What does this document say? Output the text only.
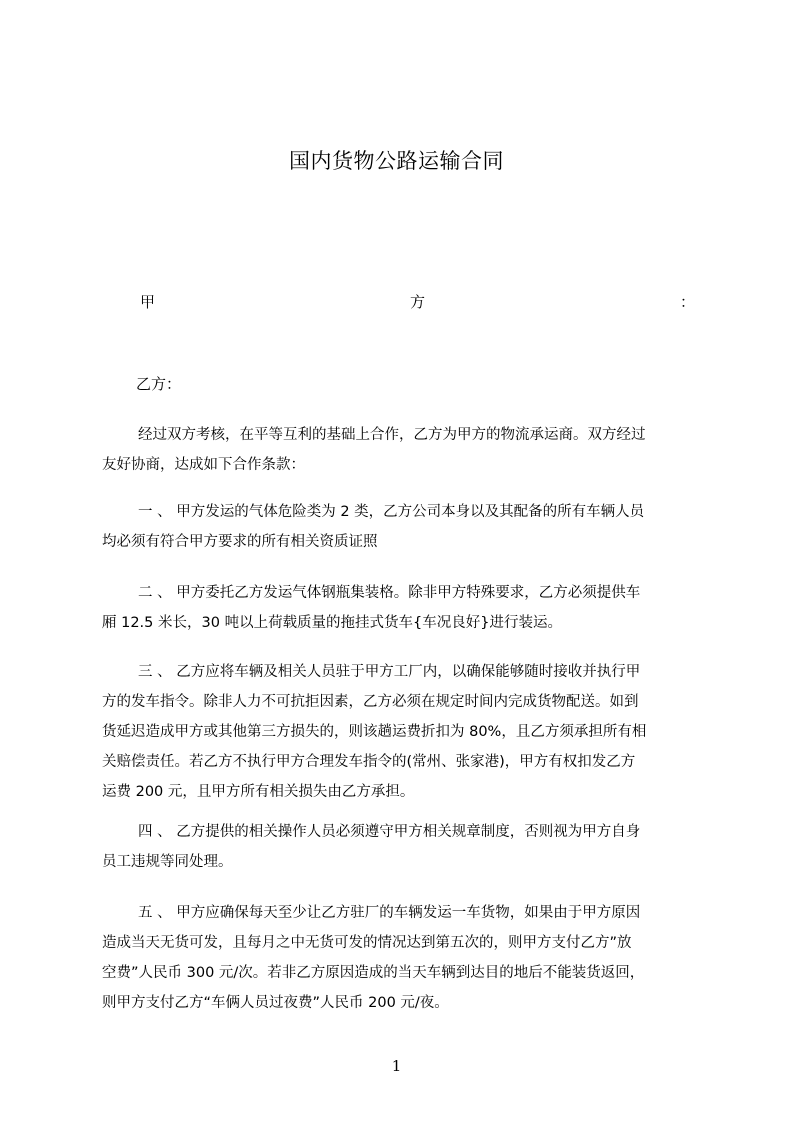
国内货物公路运输合同
甲	方	：
乙方：
经过双方考核，在平等互利的基础上合作，乙方为甲方的物流承运商。双方经过
友好协商，达成如下合作条款：
一 、 甲方发运的气体危险类为 2 类，乙方公司本身以及其配备的所有车辆人员
均必须有符合甲方要求的所有相关资质证照
二 、 甲方委托乙方发运气体钢瓶集装格。除非甲方特殊要求，乙方必须提供车
厢 12.5 米长，30 吨以上荷载质量的拖挂式货车{车况良好}进行装运。
三 、 乙方应将车辆及相关人员驻于甲方工厂内，以确保能够随时接收并执行甲
方的发车指令。除非人力不可抗拒因素，乙方必须在规定时间内完成货物配送。如到
货延迟造成甲方或其他第三方损失的，则该趟运费折扣为 80%，且乙方须承担所有相
关赔偿责任。若乙方不执行甲方合理发车指令的(常州、张家港)，甲方有权扣发乙方
运费 200 元，且甲方所有相关损失由乙方承担。
四 、 乙方提供的相关操作人员必须遵守甲方相关规章制度，否则视为甲方自身
员工违规等同处理。
五 、 甲方应确保每天至少让乙方驻厂的车辆发运一车货物，如果由于甲方原因
造成当天无货可发，且每月之中无货可发的情况达到第五次的，则甲方支付乙方”放
空费”人民币 300 元/次。若非乙方原因造成的当天车辆到达目的地后不能装货返回，
则甲方支付乙方“车俩人员过夜费”人民币 200 元/夜。
1
